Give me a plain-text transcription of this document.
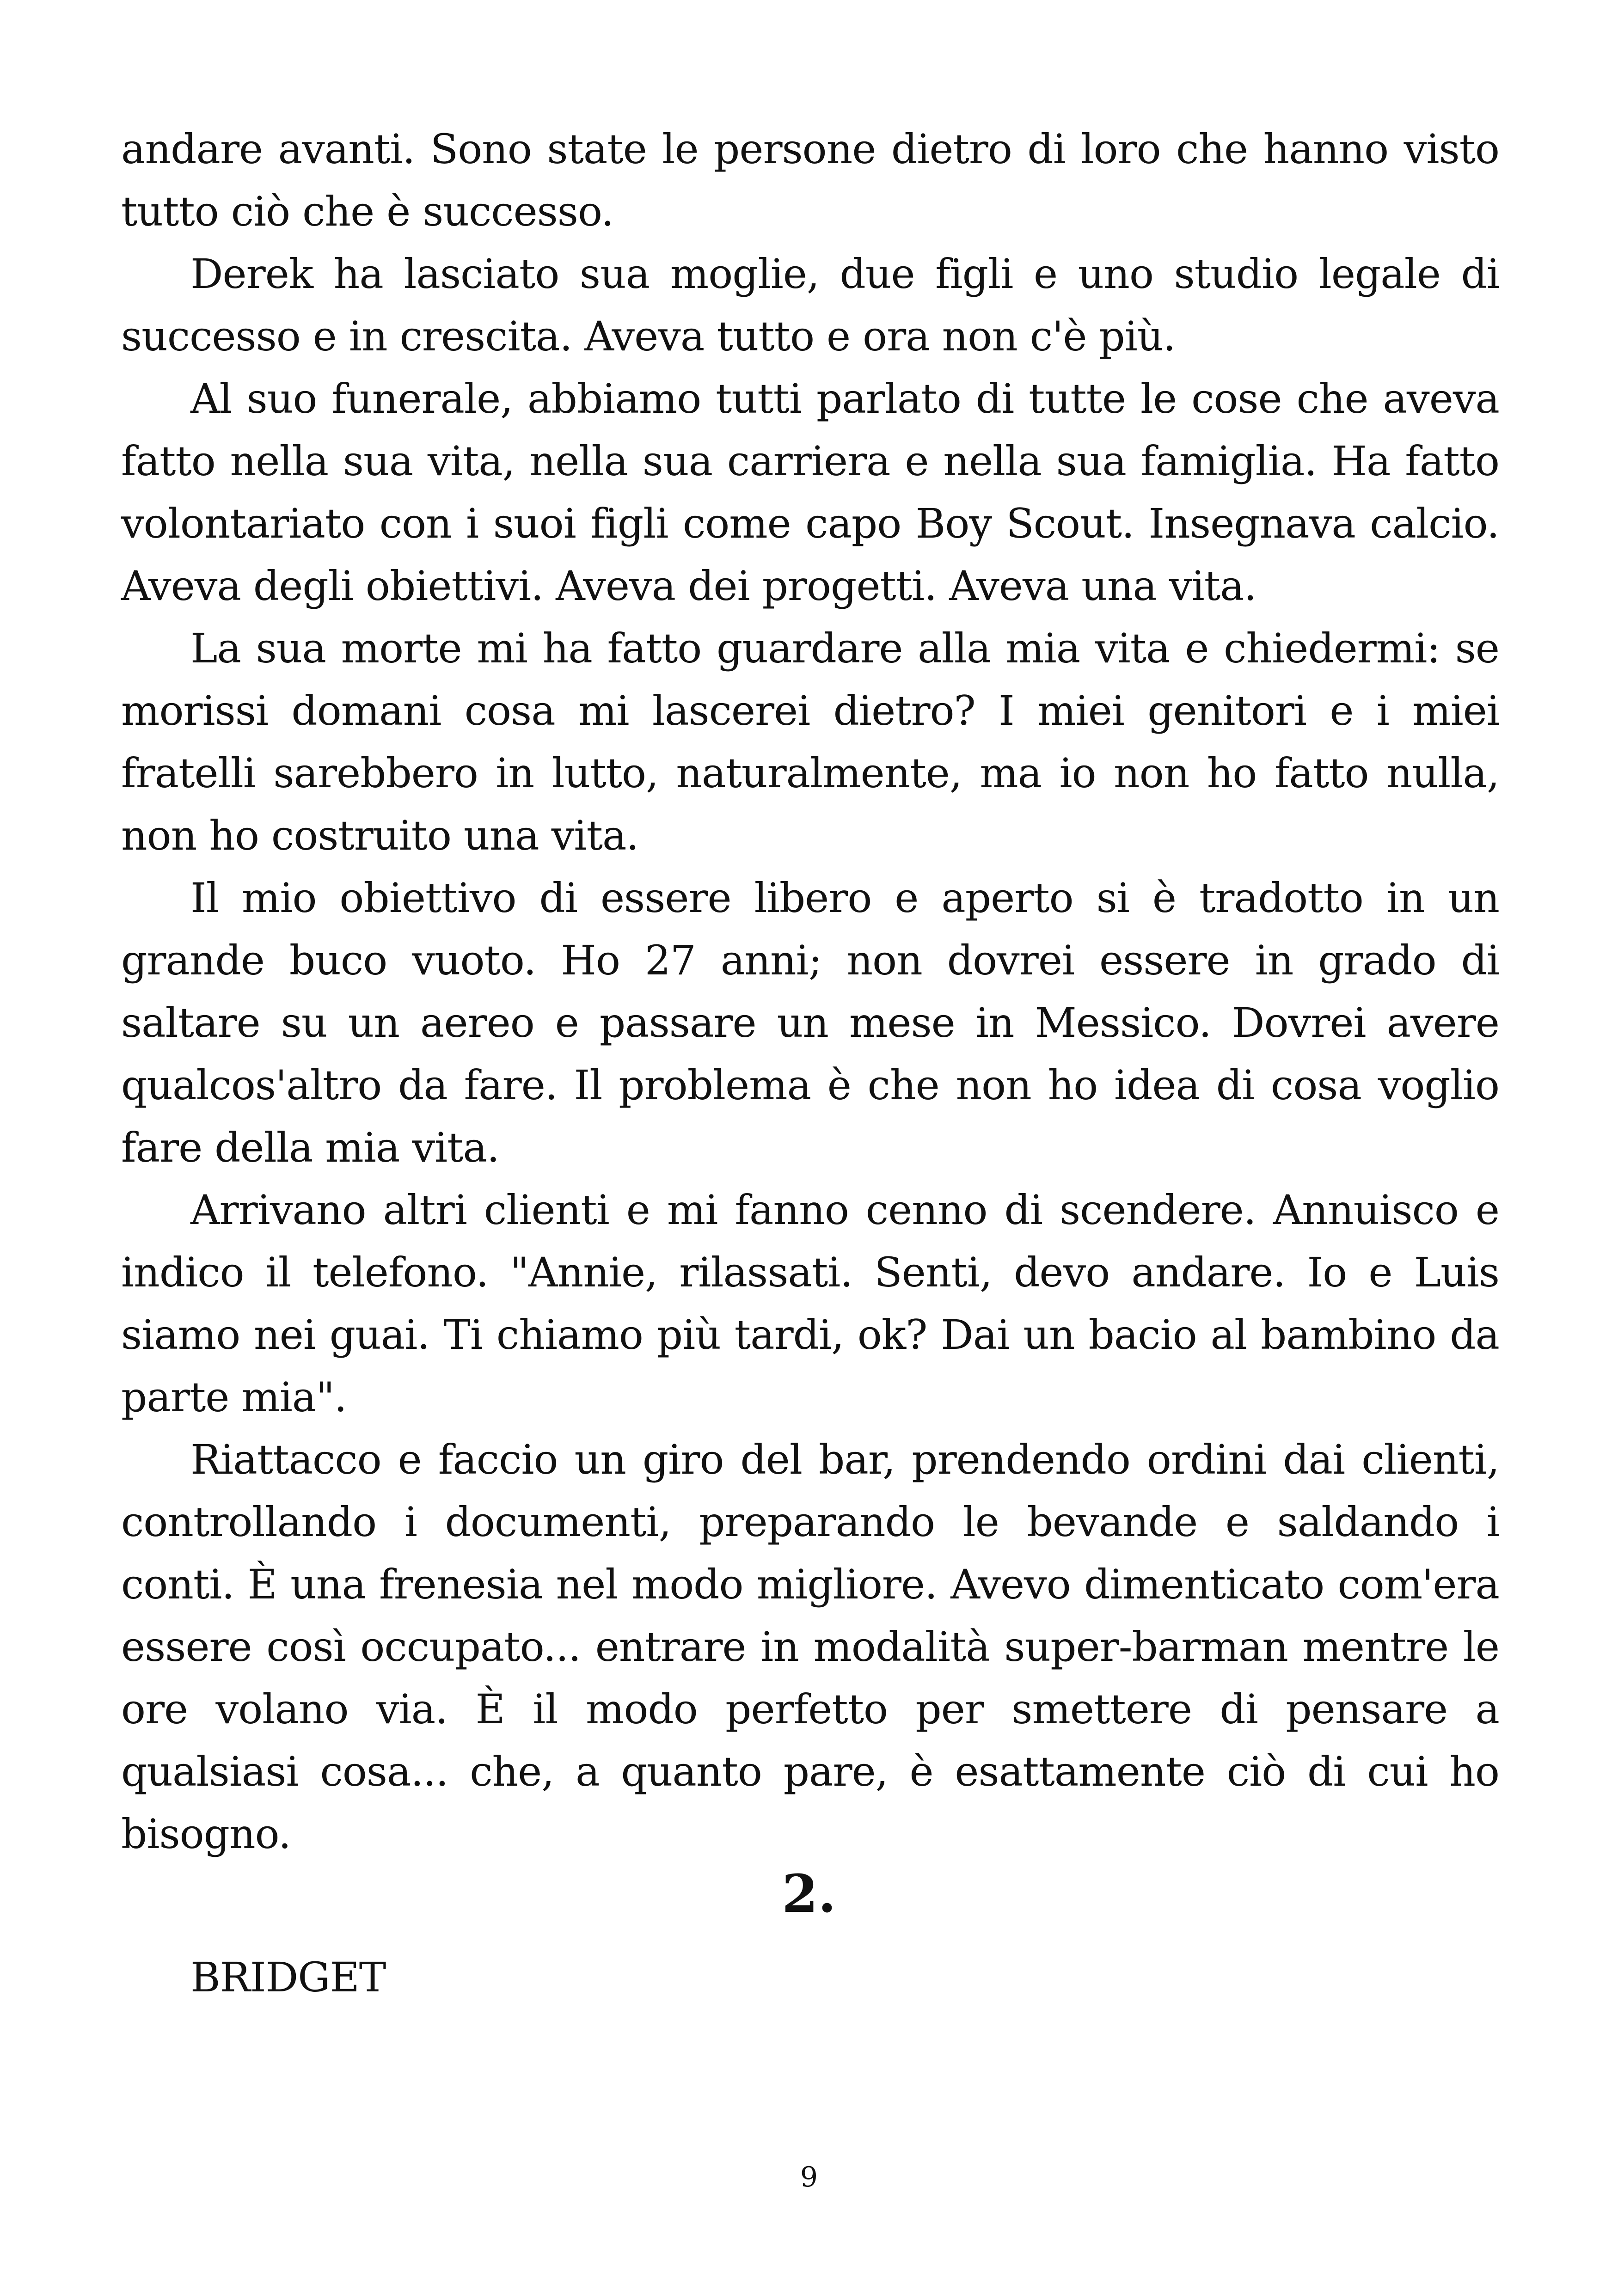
andare avanti. Sono state le persone dietro di loro che hanno visto tutto ciò che è successo.

Derek ha lasciato sua moglie, due figli e uno studio legale di successo e in crescita. Aveva tutto e ora non c'è più.

Al suo funerale, abbiamo tutti parlato di tutte le cose che aveva fatto nella sua vita, nella sua carriera e nella sua famiglia. Ha fatto volontariato con i suoi figli come capo Boy Scout. Insegnava calcio. Aveva degli obiettivi. Aveva dei progetti. Aveva una vita.

La sua morte mi ha fatto guardare alla mia vita e chiedermi: se morissi domani cosa mi lascerei dietro? I miei genitori e i miei fratelli sarebbero in lutto, naturalmente, ma io non ho fatto nulla, non ho costruito una vita.

Il mio obiettivo di essere libero e aperto si è tradotto in un grande buco vuoto. Ho 27 anni; non dovrei essere in grado di saltare su un aereo e passare un mese in Messico. Dovrei avere qualcos'altro da fare. Il problema è che non ho idea di cosa voglio fare della mia vita.

Arrivano altri clienti e mi fanno cenno di scendere. Annuisco e indico il telefono. "Annie, rilassati. Senti, devo andare. Io e Luis siamo nei guai. Ti chiamo più tardi, ok? Dai un bacio al bambino da parte mia".

Riattacco e faccio un giro del bar, prendendo ordini dai clienti, controllando i documenti, preparando le bevande e saldando i conti. È una frenesia nel modo migliore. Avevo dimenticato com'era essere così occupato... entrare in modalità super-barman mentre le ore volano via. È il modo perfetto per smettere di pensare a qualsiasi cosa... che, a quanto pare, è esattamente ciò di cui ho bisogno.

2.
BRIDGET
9
